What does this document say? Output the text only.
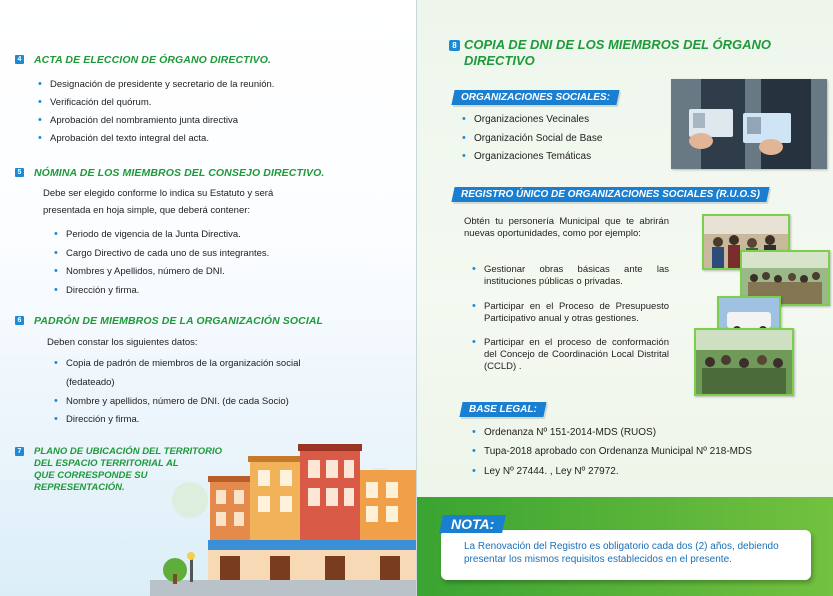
4 ACTA DE ELECCION DE ÓRGANO DIRECTIVO.
• Designación de presidente y secretario de la reunión.
• Verificación del quórum.
• Aprobación del nombramiento junta directiva
• Aprobación del texto integral del acta.
5 NÓMINA DE LOS MIEMBROS DEL CONSEJO DIRECTIVO.
Debe ser elegido conforme lo indica su Estatuto y será
presentada en hoja simple, que deberá contener:
• Periodo de vigencia de la Junta Directiva.
• Cargo Directivo de cada uno de sus integrantes.
• Nombres y Apellidos, número de DNI.
• Dirección y firma.
6 PADRÓN DE MIEMBROS DE LA ORGANIZACIÓN SOCIAL
Deben constar los siguientes datos:
• Copia de padrón de miembros de la organización social
(fedateado)
• Nombre y apellidos, número de DNI. (de cada Socio)
• Dirección y firma.
7 PLANO DE UBICACIÓN DEL TERRITORIO
DEL ESPACIO TERRITORIAL AL
QUE CORRESPONDE SU
REPRESENTACIÓN.
8 COPIA DE DNI DE LOS MIEMBROS DEL ÓRGANO DIRECTIVO
ORGANIZACIONES SOCIALES:
• Organizaciones Vecinales
• Organización Social de Base
• Organizaciones Temáticas
REGISTRO ÚNICO DE ORGANIZACIONES SOCIALES (R.U.O.S)
Obtén tu personería Municipal que te abrirán nuevas oportunidades, como por ejemplo:
• Gestionar obras básicas ante las instituciones públicas o privadas.
• Participar en el Proceso de Presupuesto Participativo anual y otras gestiones.
• Participar en el proceso de conformación del Concejo de Coordinación Local Distrital (CCLD) .
BASE LEGAL:
• Ordenanza Nº 151-2014-MDS (RUOS)
• Tupa-2018 aprobado con Ordenanza Municipal Nº 218-MDS
• Ley Nº 27444. , Ley Nº 27972.
NOTA:
La Renovación del Registro es obligatorio cada dos (2) años, debiendo presentar los mismos requisitos establecidos en el presente.
